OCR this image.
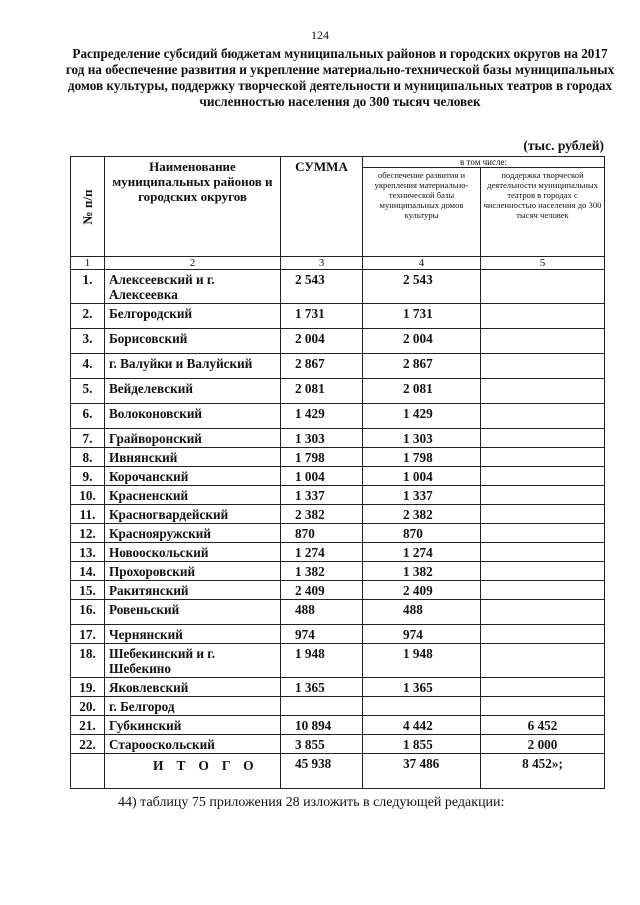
124
Распределение субсидий бюджетам муниципальных районов и городских округов на 2017 год на обеспечение развития и укрепление материально-технической базы муниципальных домов культуры, поддержку творческой деятельности и муниципальных театров в городах численностью населения до 300 тысяч человек
(тыс. рублей)
№ п/п	Наименование муниципальных районов и городских округов	СУММА	в том числе:	
			обеспечение развития и укрепления материально-технической базы муниципальных домов культуры	поддержка творческой деятельности муниципальных театров в городах с численностью населения до 300 тысяч человек
1	2	3	4	5
1.	Алексеевский и г. Алексеевка	2 543	2 543	
2.	Белгородский	1 731	1 731	
3.	Борисовский	2 004	2 004	
4.	г. Валуйки и Валуйский	2 867	2 867	
5.	Вейделевский	2 081	2 081	
6.	Волоконовский	1 429	1 429	
7.	Грайворонский	1 303	1 303	
8.	Ивнянский	1 798	1 798	
9.	Корочанский	1 004	1 004	
10.	Красненский	1 337	1 337	
11.	Красногвардейский	2 382	2 382	
12.	Краснояружский	870	870	
13.	Новооскольский	1 274	1 274	
14.	Прохоровский	1 382	1 382	
15.	Ракитянский	2 409	2 409	
16.	Ровеньский	488	488	
17.	Чернянский	974	974	
18.	Шебекинский и г. Шебекино	1 948	1 948	
19.	Яковлевский	1 365	1 365	
20.	г. Белгород			
21.	Губкинский	10 894	4 442	6 452
22.	Старооскольский	3 855	1 855	2 000
	ИТОГО	45 938	37 486	8 452»;
44) таблицу 75 приложения 28 изложить в следующей редакции:
